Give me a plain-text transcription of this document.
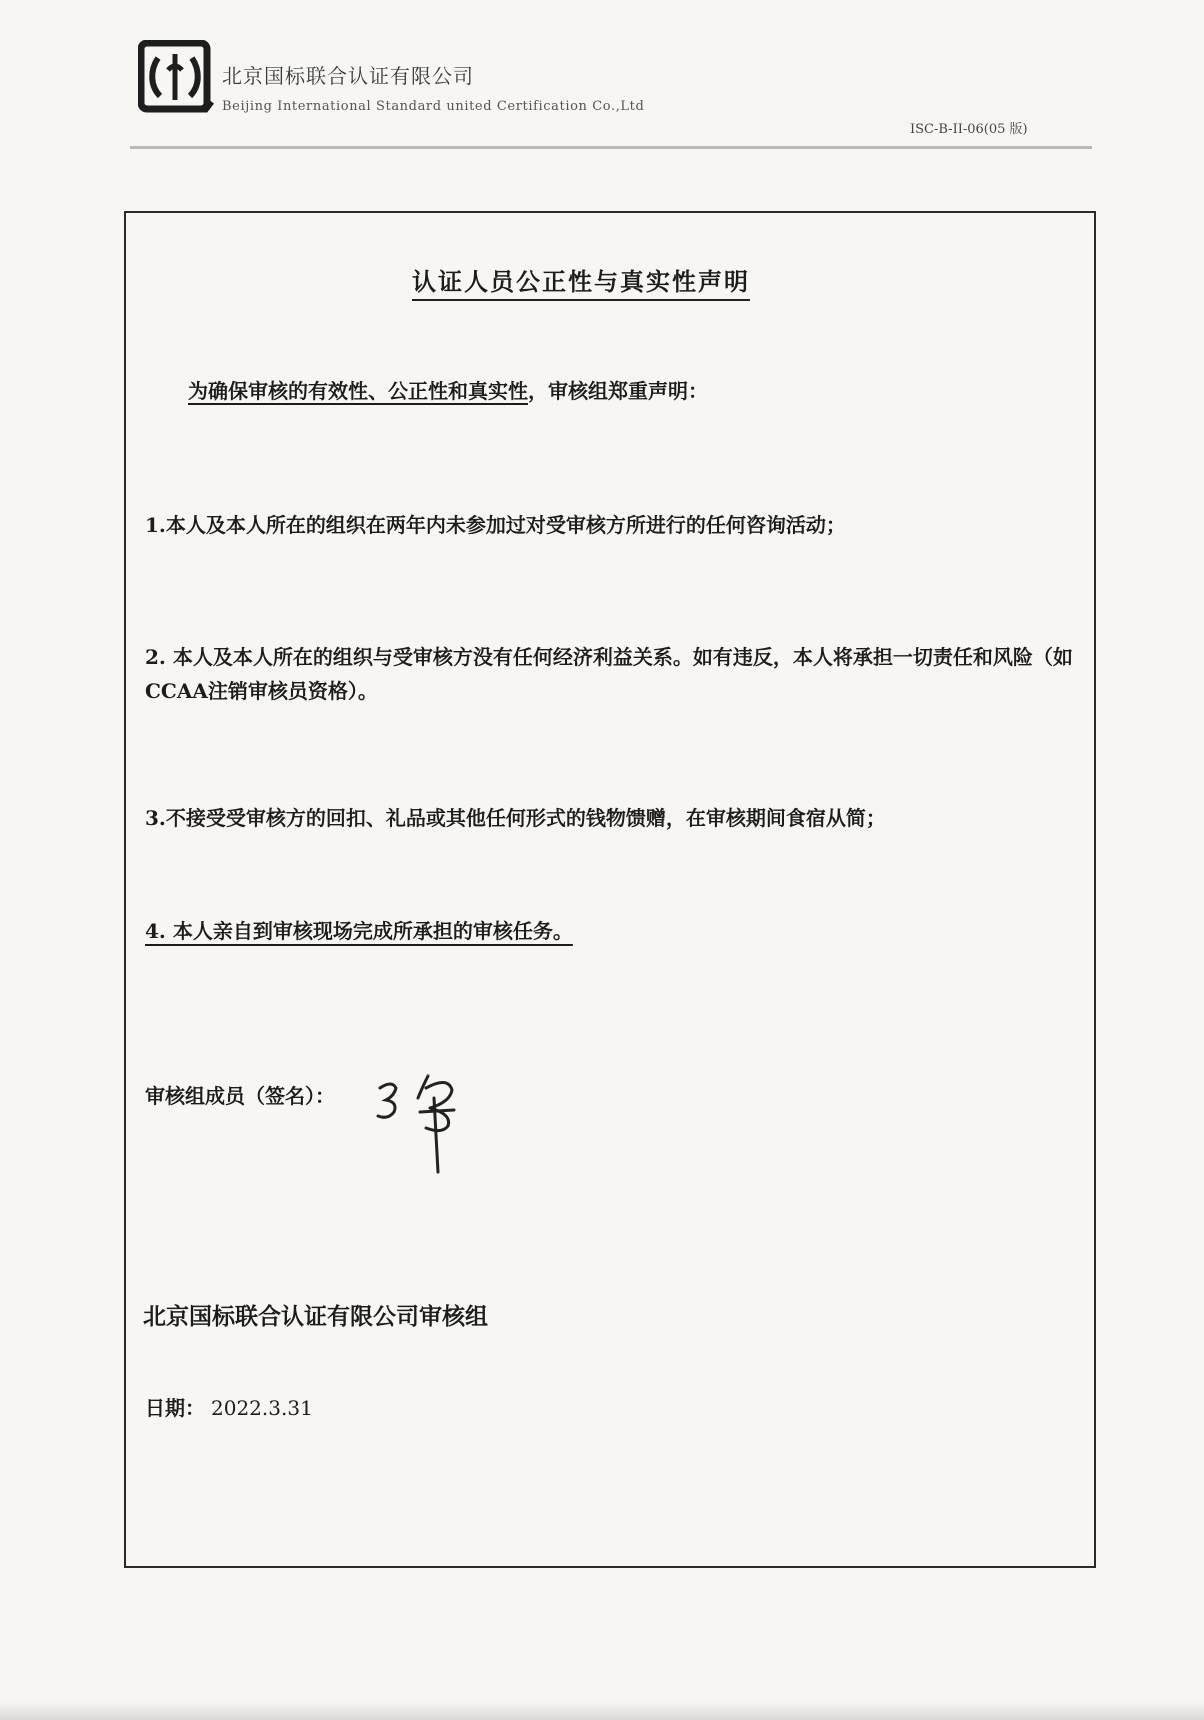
北京国标联合认证有限公司
Beijing International Standard united Certification Co.,Ltd
ISC-B-II-06(05 版)
认证人员公正性与真实性声明
为确保审核的有效性、公正性和真实性，审核组郑重声明：
1.本人及本人所在的组织在两年内未参加过对受审核方所进行的任何咨询活动；
2. 本人及本人所在的组织与受审核方没有任何经济利益关系。如有违反，本人将承担一切责任和风险（如CCAA注销审核员资格）。
3.不接受受审核方的回扣、礼品或其他任何形式的钱物馈赠，在审核期间食宿从简；
4. 本人亲自到审核现场完成所承担的审核任务。
审核组成员（签名）：
北京国标联合认证有限公司审核组
日期： 2022.3.31
